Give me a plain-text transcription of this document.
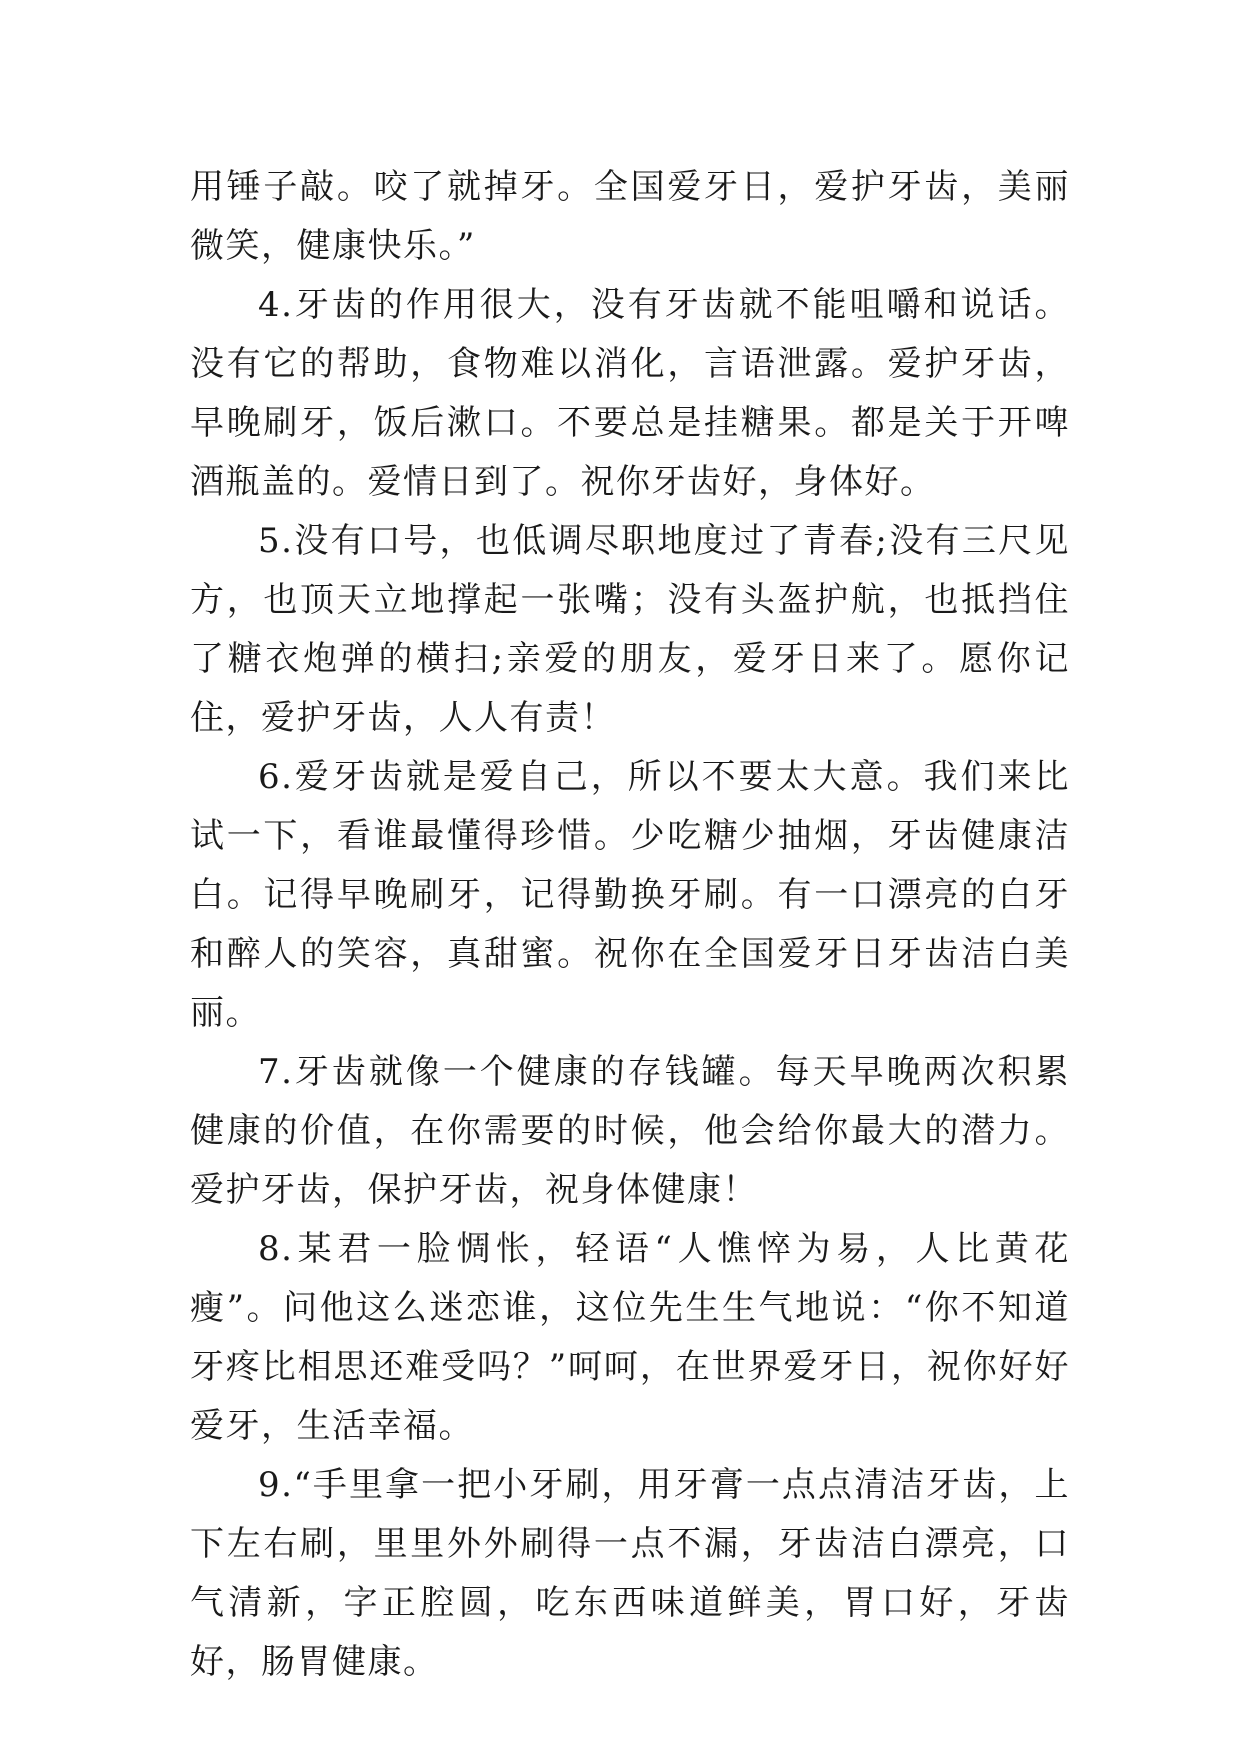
用锤子敲。咬了就掉牙。全国爱牙日，爱护牙齿，美丽微笑，健康快乐。”

4.牙齿的作用很大，没有牙齿就不能咀嚼和说话。没有它的帮助，食物难以消化，言语泄露。爱护牙齿，早晚刷牙，饭后漱口。不要总是挂糖果。都是关于开啤酒瓶盖的。爱情日到了。祝你牙齿好，身体好。

5.没有口号，也低调尽职地度过了青春;没有三尺见方，也顶天立地撑起一张嘴；没有头盔护航，也抵挡住了糖衣炮弹的横扫;亲爱的朋友，爱牙日来了。愿你记住，爱护牙齿，人人有责！

6.爱牙齿就是爱自己，所以不要太大意。我们来比试一下，看谁最懂得珍惜。少吃糖少抽烟，牙齿健康洁白。记得早晚刷牙，记得勤换牙刷。有一口漂亮的白牙和醉人的笑容，真甜蜜。祝你在全国爱牙日牙齿洁白美丽。

7.牙齿就像一个健康的存钱罐。每天早晚两次积累健康的价值，在你需要的时候，他会给你最大的潜力。爱护牙齿，保护牙齿，祝身体健康！

8.某君一脸惆怅，轻语“人憔悴为易，人比黄花瘦”。问他这么迷恋谁，这位先生生气地说：“你不知道牙疼比相思还难受吗？”呵呵，在世界爱牙日，祝你好好爱牙，生活幸福。

9.“手里拿一把小牙刷，用牙膏一点点清洁牙齿，上下左右刷，里里外外刷得一点不漏，牙齿洁白漂亮，口气清新，字正腔圆，吃东西味道鲜美，胃口好，牙齿好，肠胃健康。
